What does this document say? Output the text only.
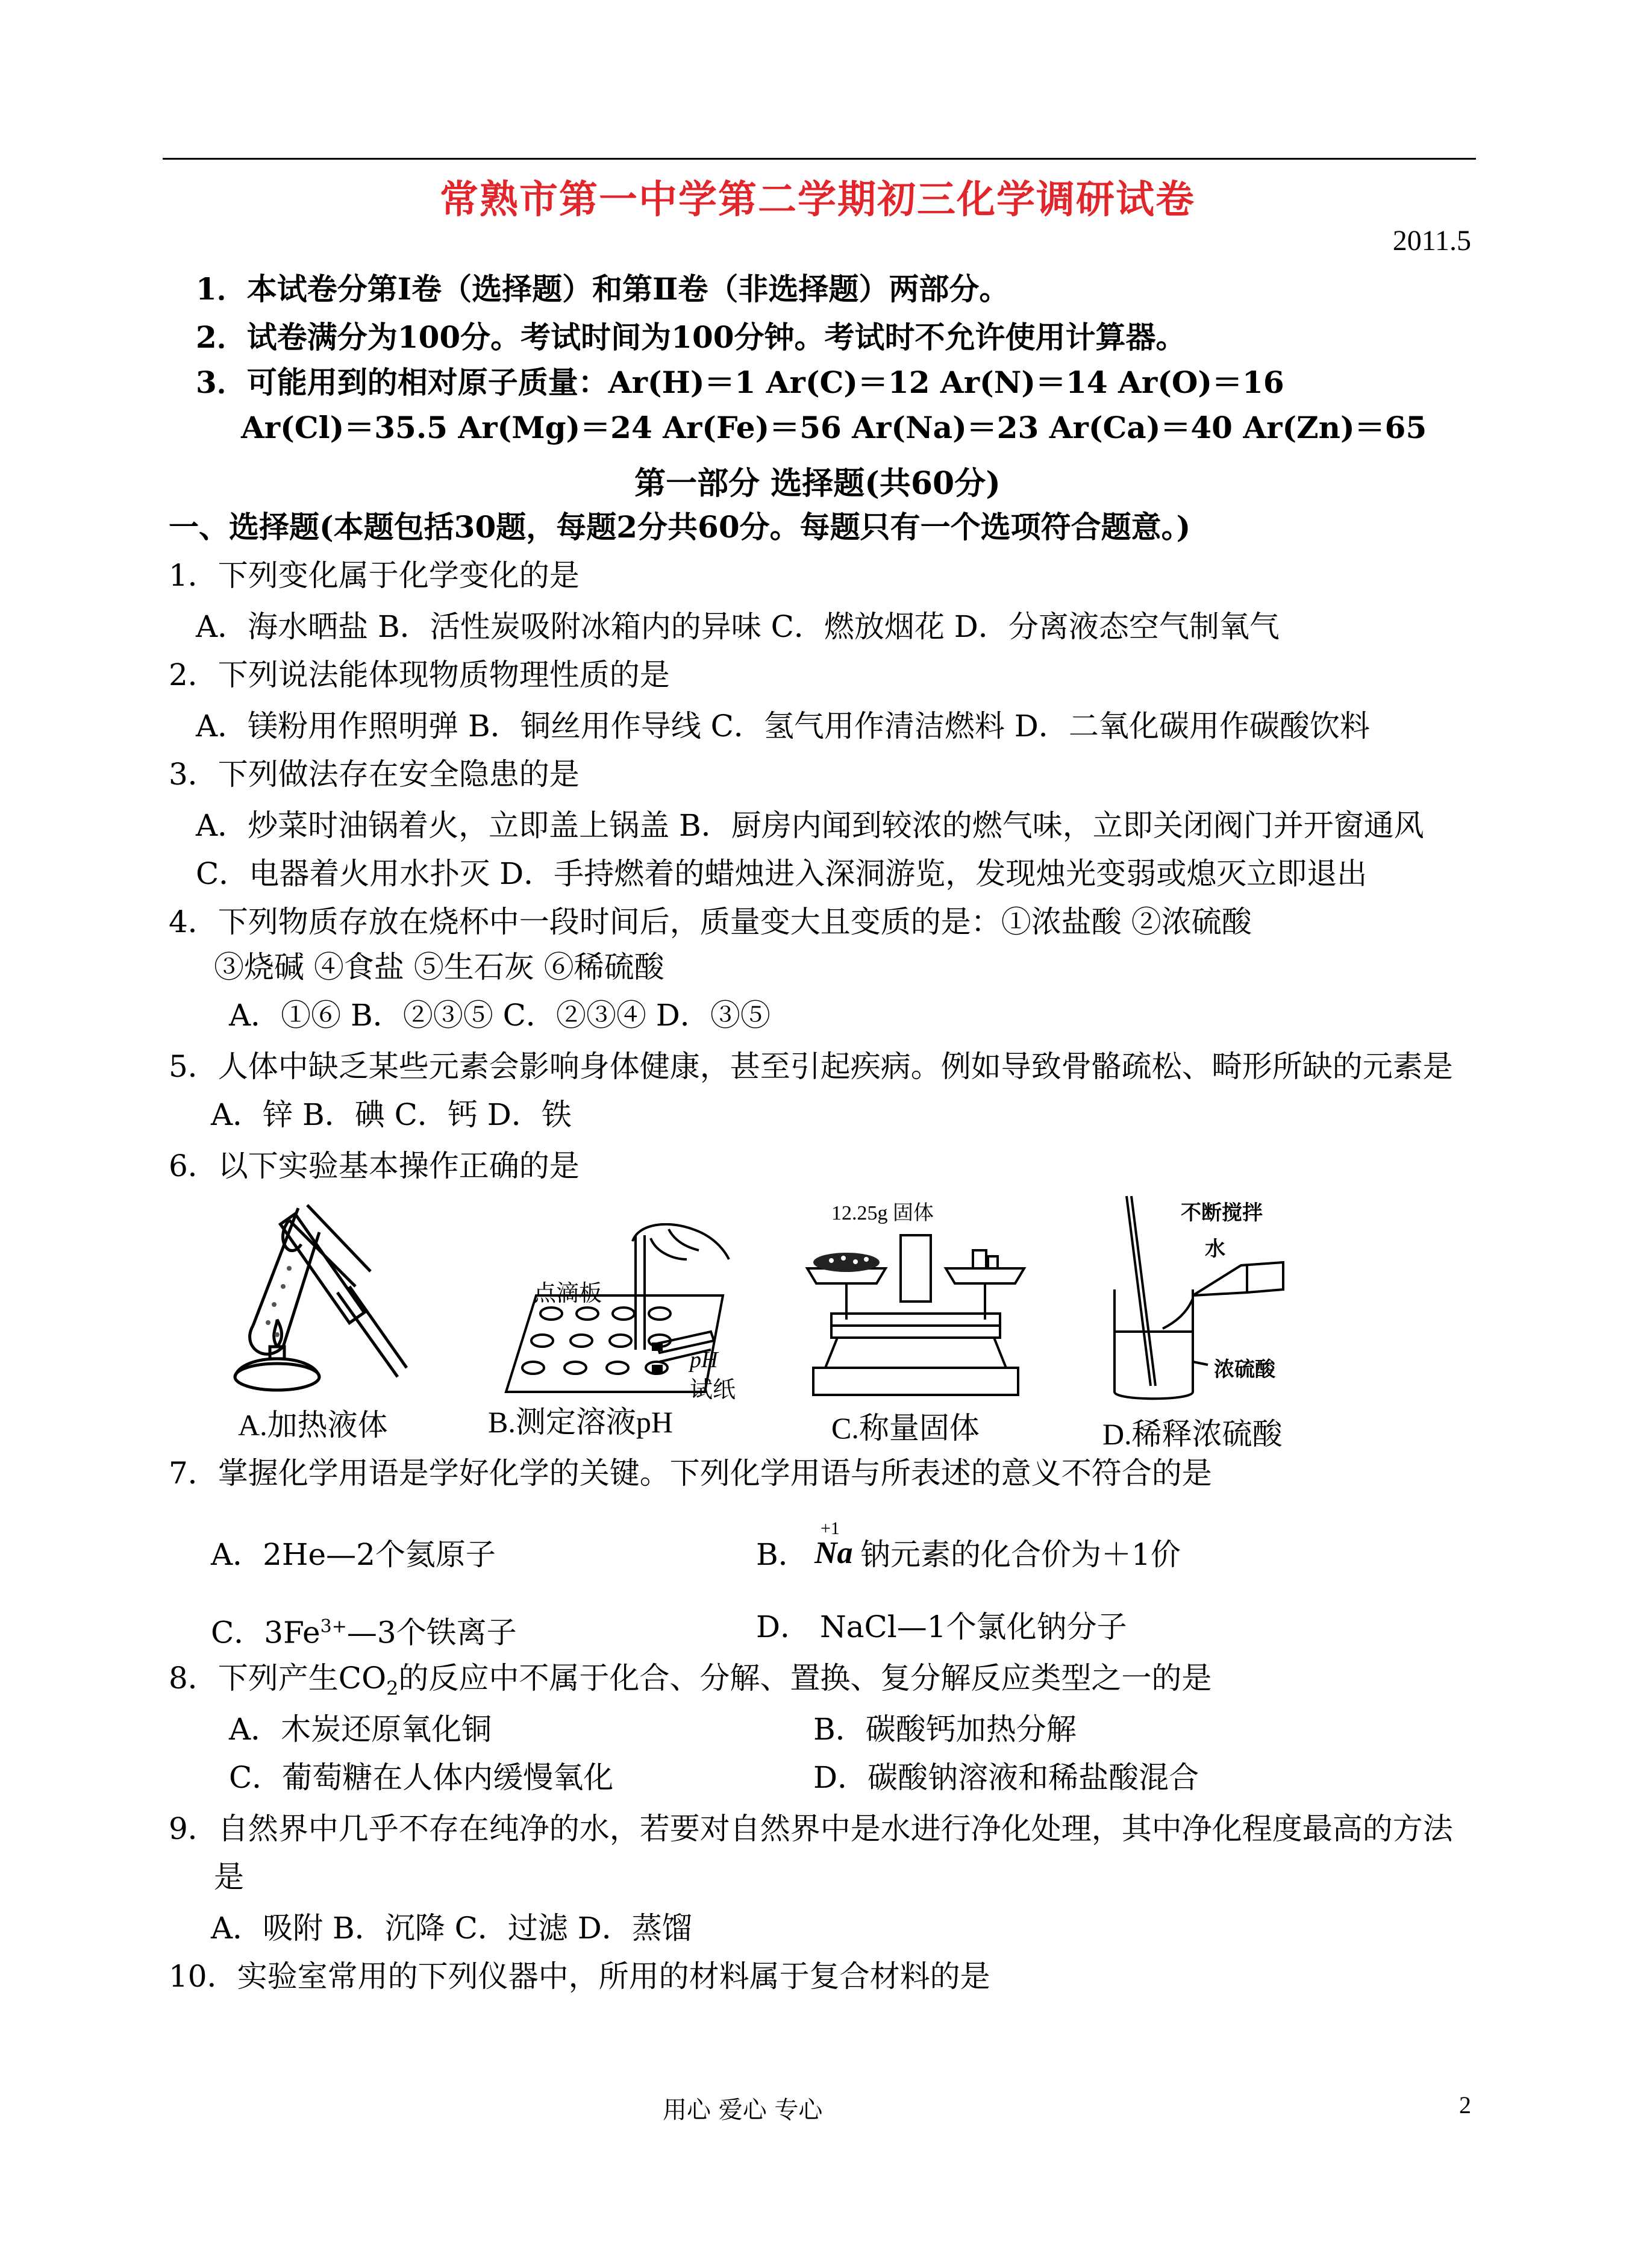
常熟市第一中学第二学期初三化学调研试卷
2011.5
1．本试卷分第Ⅰ卷（选择题）和第Ⅱ卷（非选择题）两部分。
2．试卷满分为100分。考试时间为100分钟。考试时不允许使用计算器。
3．可能用到的相对原子质量：Ar(H)＝1 Ar(C)＝12 Ar(N)＝14 Ar(O)＝16
Ar(Cl)＝35.5 Ar(Mg)＝24 Ar(Fe)＝56 Ar(Na)＝23 Ar(Ca)＝40 Ar(Zn)＝65
第一部分 选择题(共60分)
一、选择题(本题包括30题，每题2分共60分。每题只有一个选项符合题意。)
1．下列变化属于化学变化的是
A．海水晒盐 B．活性炭吸附冰箱内的异味 C．燃放烟花 D．分离液态空气制氧气
2．下列说法能体现物质物理性质的是
A．镁粉用作照明弹 B．铜丝用作导线 C．氢气用作清洁燃料 D．二氧化碳用作碳酸饮料
3．下列做法存在安全隐患的是
A．炒菜时油锅着火，立即盖上锅盖 B．厨房内闻到较浓的燃气味，立即关闭阀门并开窗通风
C．电器着火用水扑灭 D．手持燃着的蜡烛进入深洞游览，发现烛光变弱或熄灭立即退出
4．下列物质存放在烧杯中一段时间后，质量变大且变质的是：①浓盐酸 ②浓硫酸
③烧碱 ④食盐 ⑤生石灰 ⑥稀硫酸
A．①⑥ B．②③⑤ C．②③④ D．③⑤
5．人体中缺乏某些元素会影响身体健康，甚至引起疾病。例如导致骨骼疏松、畸形所缺的元素是
A．锌 B．碘 C．钙 D．铁
6．以下实验基本操作正确的是
A.加热液体
点滴板
pH
试纸
B.测定溶液pH
12.25g 固体
C.称量固体
不断搅拌
水
浓硫酸
D.稀释浓硫酸
7．掌握化学用语是学好化学的关键。下列化学用语与所表述的意义不符合的是
A．2He—2个氦原子	B．
+1
Na 钠元素的化合价为＋1价
C．$3Fe^{3+}—3$个铁离子	D． NaCl—1个氯化钠分子
8．下列产生$CO_2$的反应中不属于化合、分解、置换、复分解反应类型之一的是
A．木炭还原氧化铜	B．碳酸钙加热分解
C．葡萄糖在人体内缓慢氧化	D．碳酸钠溶液和稀盐酸混合
9．自然界中几乎不存在纯净的水，若要对自然界中是水进行净化处理，其中净化程度最高的方法
是
A．吸附 B．沉降 C．过滤 D．蒸馏
10．实验室常用的下列仪器中，所用的材料属于复合材料的是
用心 爱心 专心	2
